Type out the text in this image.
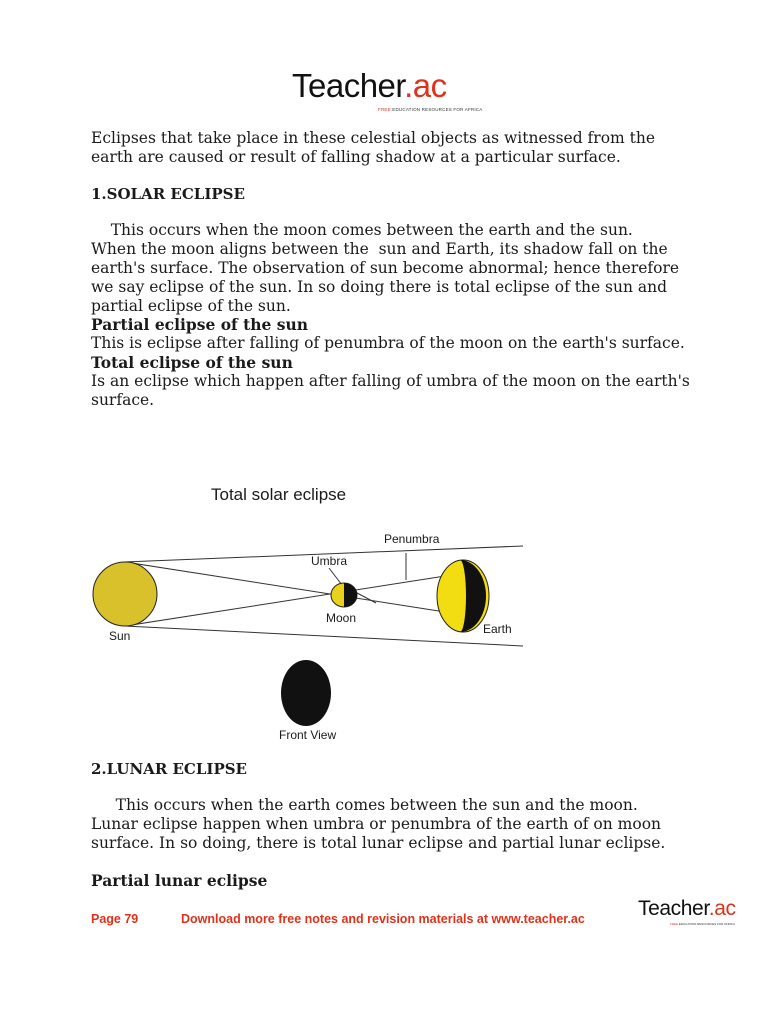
Teacher.ac
FREE EDUCATION RESOURCES FOR AFRICA
Eclipses that take place in these celestial objects as witnessed from the
earth are caused or result of falling shadow at a particular surface.
1.SOLAR ECLIPSE
This occurs when the moon comes between the earth and the sun.
When the moon aligns between the  sun and Earth, its shadow fall on the
earth's surface. The observation of sun become abnormal; hence therefore
we say eclipse of the sun. In so doing there is total eclipse of the sun and
partial eclipse of the sun.
Partial eclipse of the sun
This is eclipse after falling of penumbra of the moon on the earth's surface.
Total eclipse of the sun
Is an eclipse which happen after falling of umbra of the moon on the earth's
surface.
Total solar eclipse
Penumbra
Umbra
Moon
Earth
Sun
Front View
2.LUNAR ECLIPSE
This occurs when the earth comes between the sun and the moon.
Lunar eclipse happen when umbra or penumbra of the earth of on moon
surface. In so doing, there is total lunar eclipse and partial lunar eclipse.
Partial lunar eclipse
Page 79	Download more free notes and revision materials at www.teacher.ac	Teacher.ac
FREE EDUCATION RESOURCES FOR AFRICA
